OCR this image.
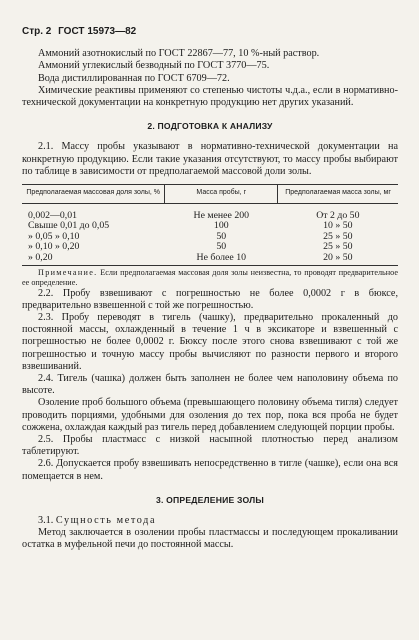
Стр. 2 ГОСТ 15973—82

Аммоний азотнокислый по ГОСТ 22867—77, 10 %-ный раствор.

Аммоний углекислый безводный по ГОСТ 3770—75.

Вода дистиллированная по ГОСТ 6709—72.

Химические реактивы применяют со степенью чистоты ч.д.а., если в нормативно-технической документации на конкретную продукцию нет других указаний.

2. ПОДГОТОВКА К АНАЛИЗУ

2.1. Массу пробы указывают в нормативно-технической документации на конкретную продукцию. Если такие указания отсутствуют, то массу пробы выбирают по таблице в зависимости от предполагаемой массовой доли золы.

Предполагаемая массовая доля золы, %	Масса пробы, г	Предполагаемая масса золы, мг
0,002—0,01	Не менее 200	От 2 до 50
Свыше 0,01 до 0,05	100	10 » 50
» 0,05 » 0,10	50	25 » 50
» 0,10 » 0,20	50	25 » 50
» 0,20	Не более 10	20 » 50

Примечание. Если предполагаемая массовая доля золы неизвестна, то проводят предварительное ее определение.

2.2. Пробу взвешивают с погрешностью не более 0,0002 г в бюксе, предварительно взвешенной с той же погрешностью.

2.3. Пробу переводят в тигель (чашку), предварительно прокаленный до постоянной массы, охлажденный в течение 1 ч в эксикаторе и взвешенный с погрешностью не более 0,0002 г. Бюксу после этого снова взвешивают с той же погрешностью и точную массу пробы вычисляют по разности первого и второго взвешиваний.

2.4. Тигель (чашка) должен быть заполнен не более чем наполовину объема по высоте.

Озоление проб большого объема (превышающего половину объема тигля) следует проводить порциями, удобными для озоления до тех пор, пока вся проба не будет сожжена, охлаждая каждый раз тигель перед добавлением следующей порции пробы.

2.5. Пробы пластмасс с низкой насыпной плотностью перед анализом таблетируют.

2.6. Допускается пробу взвешивать непосредственно в тигле (чашке), если она вся помещается в нем.

3. ОПРЕДЕЛЕНИЕ ЗОЛЫ

3.1. Сущность метода

Метод заключается в озолении пробы пластмассы и последующем прокаливании остатка в муфельной печи до постоянной массы.
